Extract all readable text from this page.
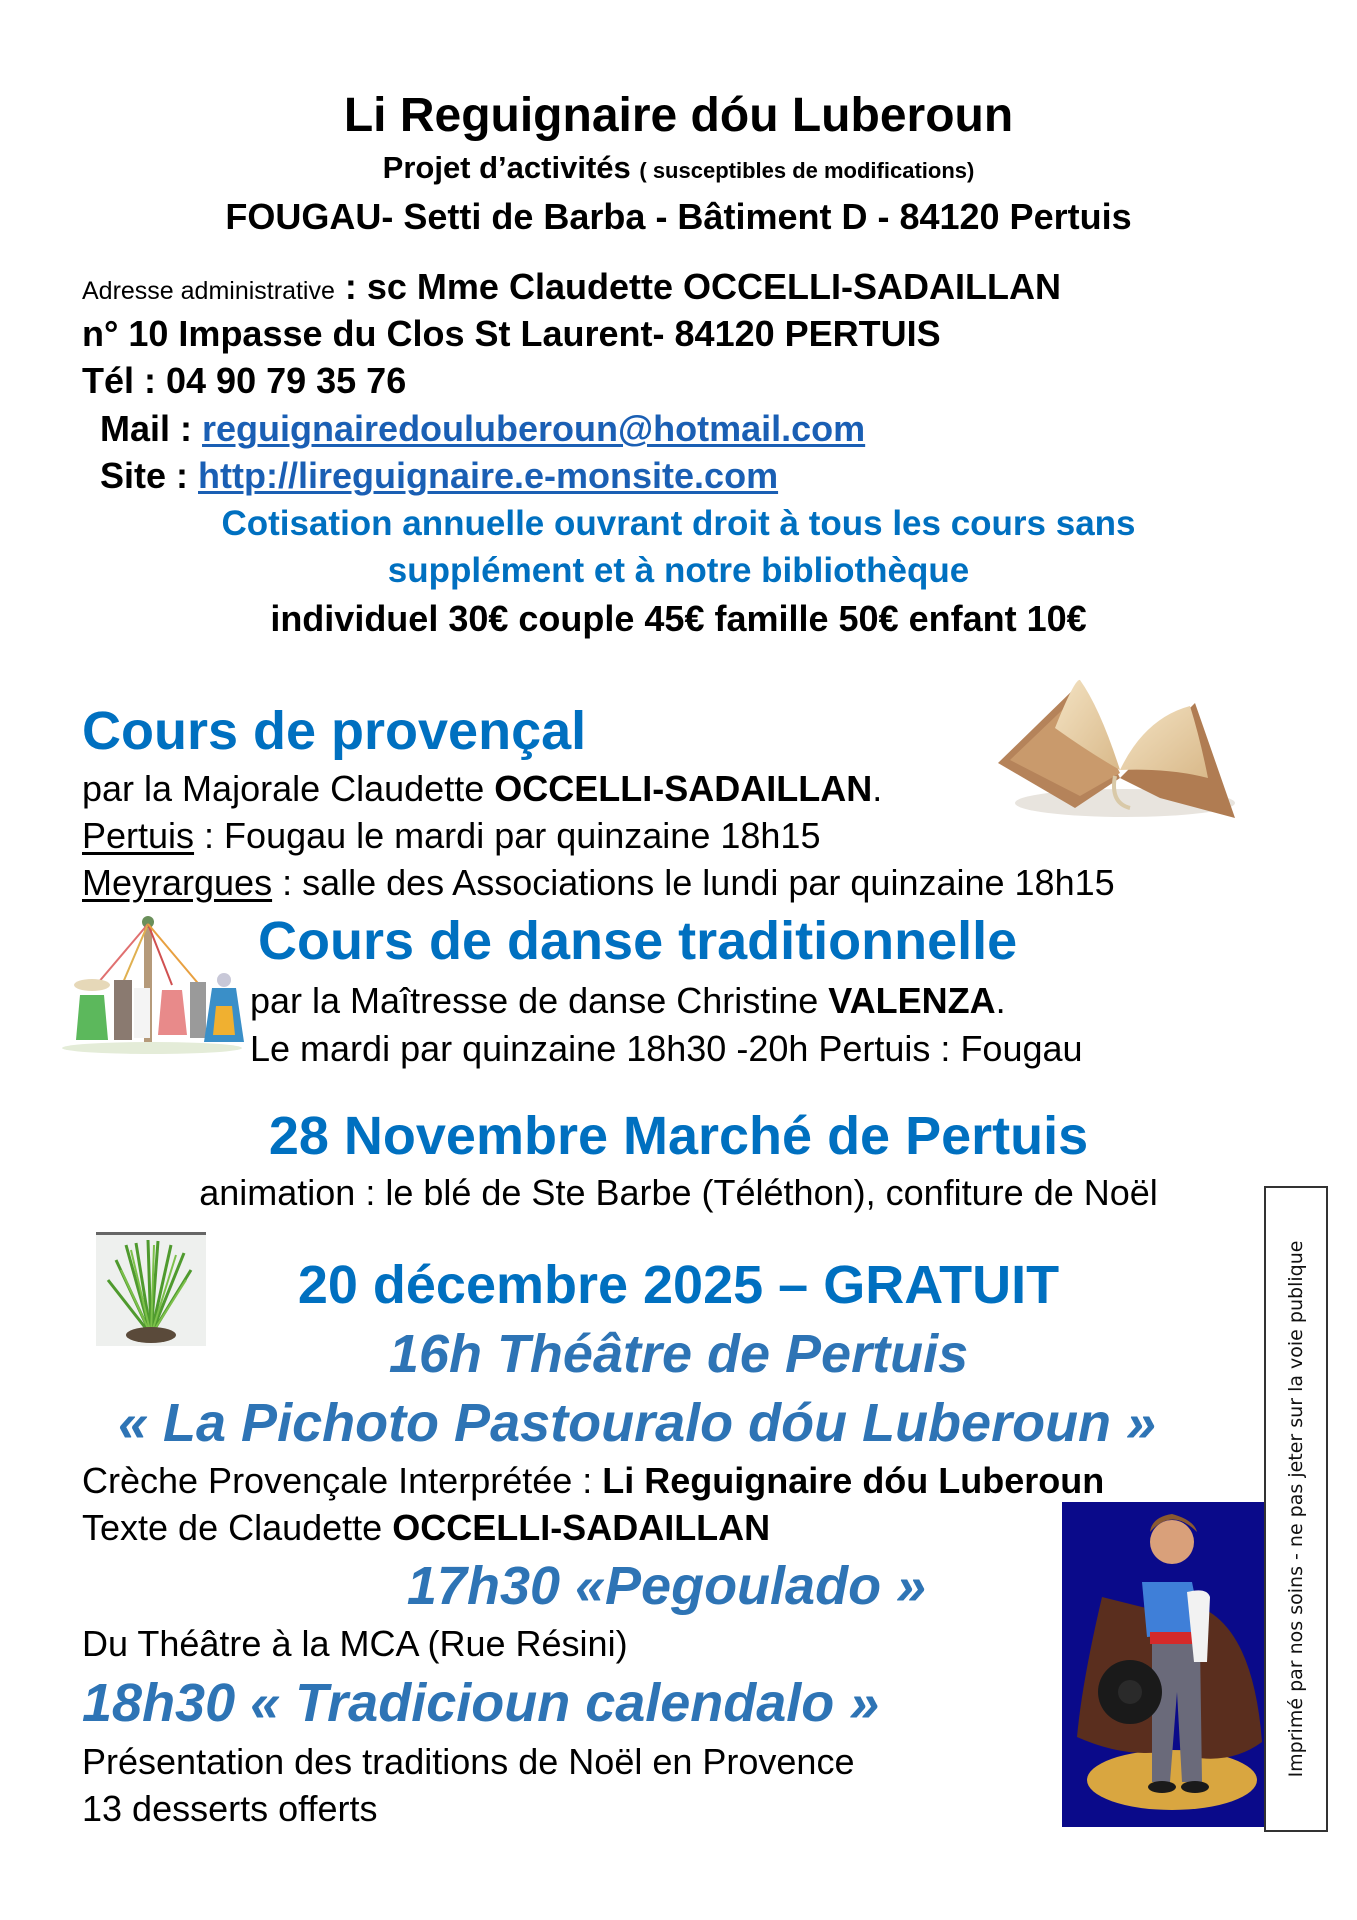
Li Reguignaire dóu Luberoun
Projet d’activités ( susceptibles de modifications)
FOUGAU- Setti de Barba - Bâtiment D - 84120 Pertuis
Adresse administrative : sc Mme Claudette OCCELLI-SADAILLAN
n° 10 Impasse du Clos St Laurent- 84120 PERTUIS
Tél : 04 90 79 35 76
Mail : reguignairedouluberoun@hotmail.com
Site : http://lireguignaire.e-monsite.com
Cotisation annuelle ouvrant droit à tous les cours sans
supplément et à notre bibliothèque
individuel 30€ couple 45€ famille 50€ enfant 10€
Cours de provençal
par la Majorale Claudette OCCELLI-SADAILLAN.
Pertuis : Fougau le mardi par quinzaine 18h15
Meyrargues : salle des Associations le lundi par quinzaine 18h15
Cours de danse traditionnelle
par la Maîtresse de danse Christine VALENZA.
Le mardi par quinzaine 18h30 -20h Pertuis : Fougau
28 Novembre Marché de Pertuis
animation : le blé de Ste Barbe (Téléthon), confiture de Noël
20 décembre 2025 – GRATUIT
16h Théâtre de Pertuis
« La Pichoto Pastouralo dóu Luberoun »
Crèche Provençale Interprétée : Li Reguignaire dóu Luberoun
Texte de Claudette OCCELLI-SADAILLAN
17h30 «Pegoulado »
Du Théâtre à la MCA (Rue Résini)
18h30 « Tradicioun calendalo »
Présentation des traditions de Noël en Provence
13 desserts offerts
Imprimé par nos soins - ne pas jeter sur la voie publique
